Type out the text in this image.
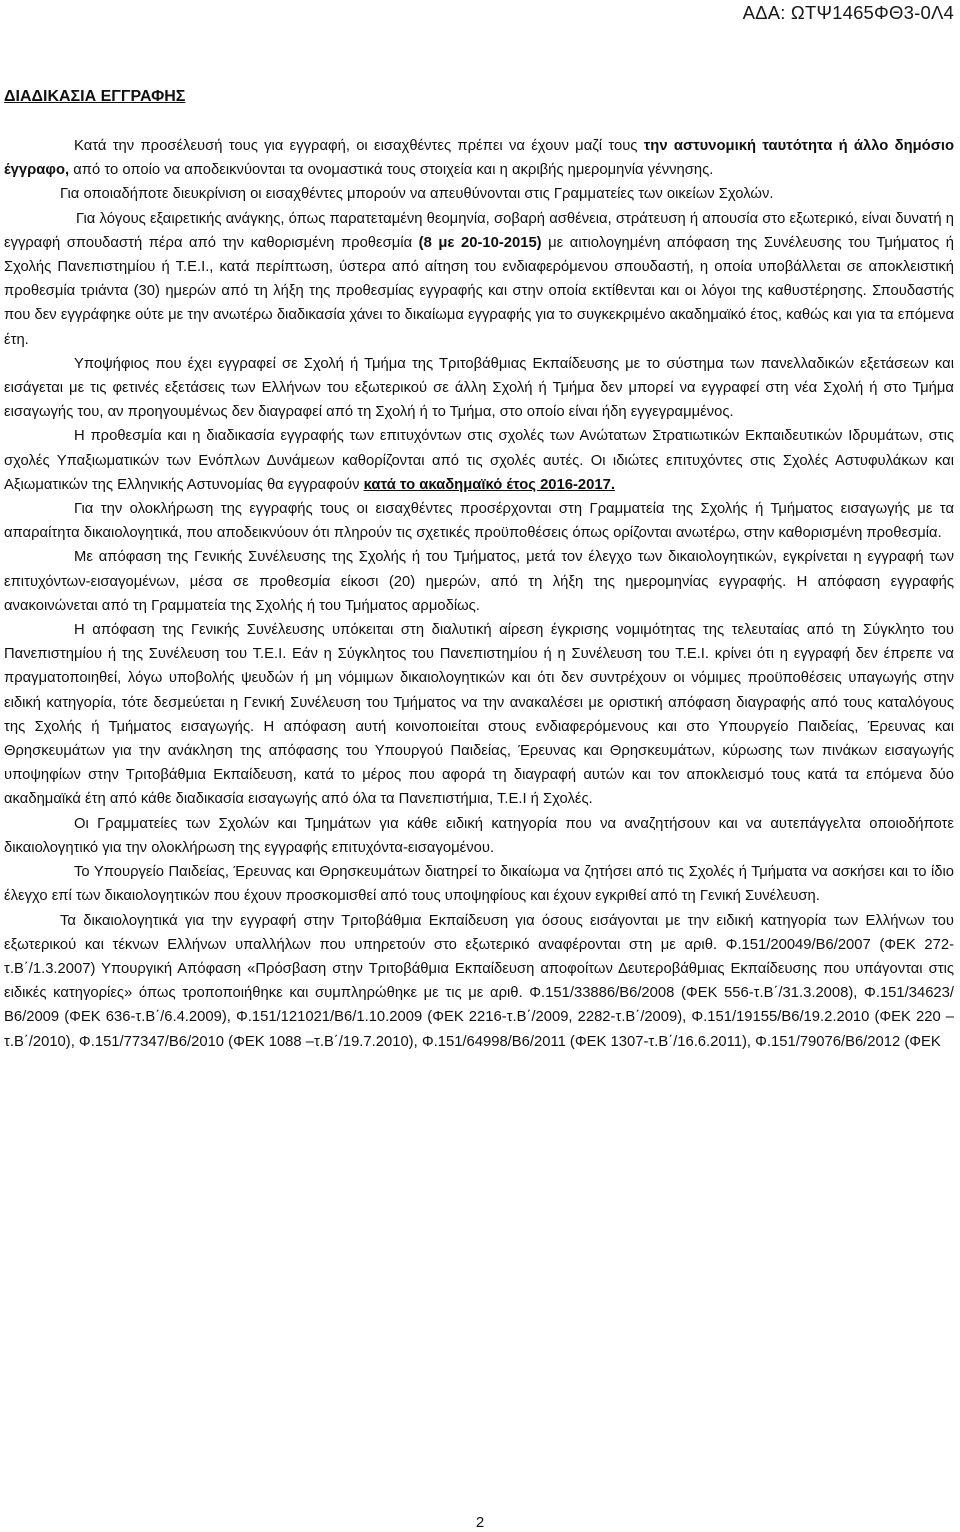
ΑΔΑ: ΩΤΨ1465ΦΘ3-0Λ4
ΔΙΑΔΙΚΑΣΙΑ ΕΓΓΡΑΦΗΣ

Κατά την προσέλευσή τους για εγγραφή, οι εισαχθέντες πρέπει να έχουν μαζί τους την αστυνομική ταυτότητα ή άλλο δημόσιο έγγραφο, από το οποίο να αποδεικνύονται τα ονομαστικά τους στοιχεία και η ακριβής ημερομηνία γέννησης.

Για οποιαδήποτε διευκρίνιση οι εισαχθέντες μπορούν να απευθύνονται στις Γραμματείες των οικείων Σχολών.

Για λόγους εξαιρετικής ανάγκης, όπως παρατεταμένη θεομηνία, σοβαρή ασθένεια, στράτευση ή απουσία στο εξωτερικό, είναι δυνατή η εγγραφή σπουδαστή πέρα από την καθορισμένη προθεσμία (8 με 20-10-2015) με αιτιολογημένη απόφαση της Συνέλευσης του Τμήματος ή Σχολής Πανεπιστημίου ή Τ.Ε.Ι., κατά περίπτωση, ύστερα από αίτηση του ενδιαφερόμενου σπουδαστή, η οποία υποβάλλεται σε αποκλειστική προθεσμία τριάντα (30) ημερών από τη λήξη της προθεσμίας εγγραφής και στην οποία εκτίθενται και οι λόγοι της καθυστέρησης. Σπουδαστής που δεν εγγράφηκε ούτε με την ανωτέρω διαδικασία χάνει το δικαίωμα εγγραφής για το συγκεκριμένο ακαδημαϊκό έτος, καθώς και για τα επόμενα έτη.

Υποψήφιος που έχει εγγραφεί σε Σχολή ή Τμήμα της Τριτοβάθμιας Εκπαίδευσης με το σύστημα των πανελλαδικών εξετάσεων και εισάγεται με τις φετινές εξετάσεις των Ελλήνων του εξωτερικού σε άλλη Σχολή ή Τμήμα δεν μπορεί να εγγραφεί στη νέα Σχολή ή στο Τμήμα εισαγωγής του, αν προηγουμένως δεν διαγραφεί από τη Σχολή ή το Τμήμα, στο οποίο είναι ήδη εγγεγραμμένος.

Η προθεσμία και η διαδικασία εγγραφής των επιτυχόντων στις σχολές των Ανώτατων Στρατιωτικών Εκπαιδευτικών Ιδρυμάτων, στις σχολές Υπαξιωματικών των Ενόπλων Δυνάμεων καθορίζονται από τις σχολές αυτές. Οι ιδιώτες επιτυχόντες στις Σχολές Αστυφυλάκων και Αξιωματικών της Ελληνικής Αστυνομίας θα εγγραφούν κατά το ακαδημαϊκό έτος 2016-2017.

Για την ολοκλήρωση της εγγραφής τους οι εισαχθέντες προσέρχονται στη Γραμματεία της Σχολής ή Τμήματος εισαγωγής με τα απαραίτητα δικαιολογητικά, που αποδεικνύουν ότι πληρούν τις σχετικές προϋποθέσεις όπως ορίζονται ανωτέρω, στην καθορισμένη προθεσμία.

Με απόφαση της Γενικής Συνέλευσης της Σχολής ή του Τμήματος, μετά τον έλεγχο των δικαιολογητικών, εγκρίνεται η εγγραφή των επιτυχόντων-εισαγομένων, μέσα σε προθεσμία είκοσι (20) ημερών, από τη λήξη της ημερομηνίας εγγραφής. Η απόφαση εγγραφής ανακοινώνεται από τη Γραμματεία της Σχολής ή του Τμήματος αρμοδίως.

Η απόφαση της Γενικής Συνέλευσης υπόκειται στη διαλυτική αίρεση έγκρισης νομιμότητας της τελευταίας από τη Σύγκλητο του Πανεπιστημίου ή της Συνέλευση του Τ.Ε.Ι. Εάν η Σύγκλητος του Πανεπιστημίου ή η Συνέλευση του Τ.Ε.Ι. κρίνει ότι η εγγραφή δεν έπρεπε να πραγματοποιηθεί, λόγω υποβολής ψευδών ή μη νόμιμων δικαιολογητικών και ότι δεν συντρέχουν οι νόμιμες προϋποθέσεις υπαγωγής στην ειδική κατηγορία, τότε δεσμεύεται η Γενική Συνέλευση του Τμήματος να την ανακαλέσει με οριστική απόφαση διαγραφής από τους καταλόγους της Σχολής ή Τμήματος εισαγωγής. Η απόφαση αυτή κοινοποιείται στους ενδιαφερόμενους και στο Υπουργείο Παιδείας, Έρευνας και Θρησκευμάτων για την ανάκληση της απόφασης του Υπουργού Παιδείας, Έρευνας και Θρησκευμάτων, κύρωσης των πινάκων εισαγωγής υποψηφίων στην Τριτοβάθμια Εκπαίδευση, κατά το μέρος που αφορά τη διαγραφή αυτών και τον αποκλεισμό τους κατά τα επόμενα δύο ακαδημαϊκά έτη από κάθε διαδικασία εισαγωγής από όλα τα Πανεπιστήμια, Τ.Ε.Ι ή Σχολές.

Οι Γραμματείες των Σχολών και Τμημάτων για κάθε ειδική κατηγορία που να αναζητήσουν και να αυτεπάγγελτα οποιοδήποτε δικαιολογητικό για την ολοκλήρωση της εγγραφής επιτυχόντα-εισαγομένου.

Το Υπουργείο Παιδείας, Έρευνας και Θρησκευμάτων διατηρεί το δικαίωμα να ζητήσει από τις Σχολές ή Τμήματα να ασκήσει και το ίδιο έλεγχο επί των δικαιολογητικών που έχουν προσκομισθεί από τους υποψηφίους και έχουν εγκριθεί από τη Γενική Συνέλευση.

Τα δικαιολογητικά για την εγγραφή στην Τριτοβάθμια Εκπαίδευση για όσους εισάγονται με την ειδική κατηγορία των Ελλήνων του εξωτερικού και τέκνων Ελλήνων υπαλλήλων που υπηρετούν στο εξωτερικό αναφέρονται στη με αριθ. Φ.151/20049/Β6/2007 (ΦΕΚ 272-τ.Β΄/1.3.2007) Υπουργική Απόφαση «Πρόσβαση στην Τριτοβάθμια Εκπαίδευση αποφοίτων Δευτεροβάθμιας Εκπαίδευσης που υπάγονται στις ειδικές κατηγορίες» όπως τροποποιήθηκε και συμπληρώθηκε με τις με αριθ. Φ.151/33886/Β6/2008 (ΦΕΚ 556-τ.Β΄/31.3.2008), Φ.151/34623/Β6/2009 (ΦΕΚ 636-τ.Β΄/6.4.2009), Φ.151/121021/Β6/1.10.2009 (ΦΕΚ 2216-τ.Β΄/2009, 2282-τ.Β΄/2009), Φ.151/19155/Β6/19.2.2010 (ΦΕΚ 220 –τ.Β΄/2010), Φ.151/77347/Β6/2010 (ΦΕΚ 1088 –τ.Β΄/19.7.2010), Φ.151/64998/Β6/2011 (ΦΕΚ 1307-τ.Β΄/16.6.2011), Φ.151/79076/Β6/2012 (ΦΕΚ

2
